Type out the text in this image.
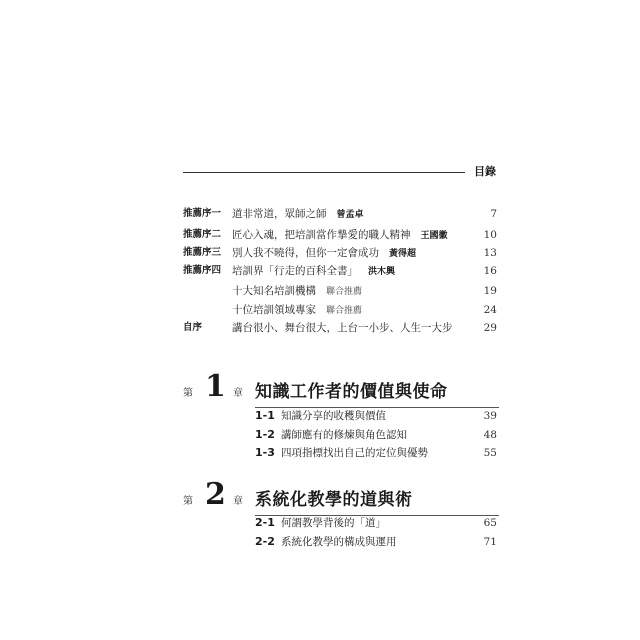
目錄
推薦序一 道非常道，眾師之師 曾孟卓	7
推薦序二 匠心入魂，把培訓當作摯愛的職人精神 王國徽	10
推薦序三 別人我不曉得，但你一定會成功 黃得超	13
推薦序四 培訓界「行走的百科全書」 洪木興	16
十大知名培訓機構 聯合推薦	19
十位培訓領域專家 聯合推薦	24
自序	講台很小、舞台很大，上台一小步、人生一大步	29
第 1 章 知識工作者的價值與使命
1-1 知識分享的收穫與價值	39
1-2 講師應有的修煉與角色認知	48
1-3 四項指標找出自己的定位與優勢	55
第 2 章 系統化教學的道與術
2-1 何謂教學背後的「道」	65
2-2 系統化教學的構成與運用	71
